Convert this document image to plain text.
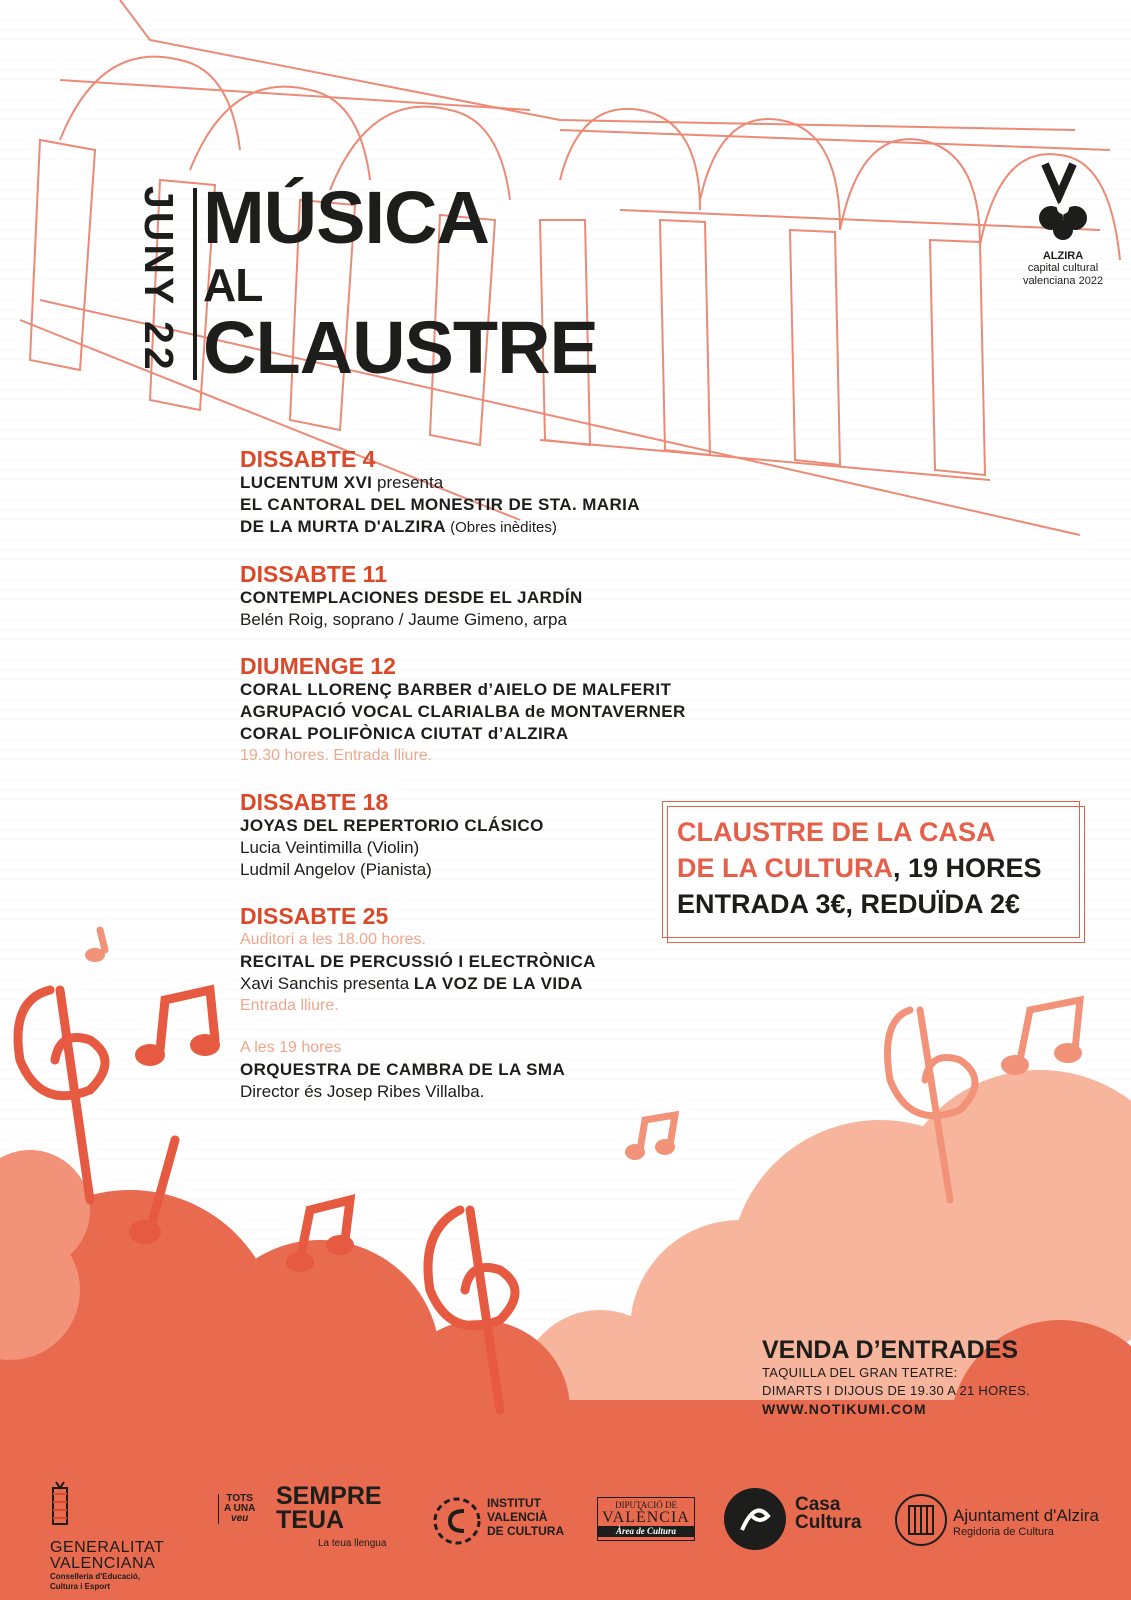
JUNY 22 MÚSICA
AL
CLAUSTRE
ALZIRA
capital cultural
valenciana 2022
DISSABTE 4
LUCENTUM XVI presenta
EL CANTORAL DEL MONESTIR DE STA. MARIA
DE LA MURTA D'ALZIRA (Obres inèdites)
DISSABTE 11
CONTEMPLACIONES DESDE EL JARDÍN
Belén Roig, soprano / Jaume Gimeno, arpa
DIUMENGE 12
CORAL LLORENÇ BARBER d’AIELO DE MALFERIT
AGRUPACIÓ VOCAL CLARIALBA de MONTAVERNER
CORAL POLIFÒNICA CIUTAT d’ALZIRA
19.30 hores. Entrada lliure.
DISSABTE 18
JOYAS DEL REPERTORIO CLÁSICO
Lucia Veintimilla (Violin)
Ludmil Angelov (Pianista)
DISSABTE 25
Auditori a les 18.00 hores.
RECITAL DE PERCUSSIÓ I ELECTRÒNICA
Xavi Sanchis presenta LA VOZ DE LA VIDA
Entrada lliure.
A les 19 hores
ORQUESTRA DE CAMBRA DE LA SMA
Director és Josep Ribes Villalba.
CLAUSTRE DE LA CASA
DE LA CULTURA, 19 HORES
ENTRADA 3€, REDUÏDA 2€
VENDA D’ENTRADES
TAQUILLA DEL GRAN TEATRE:
DIMARTS I DIJOUS DE 19.30 A 21 HORES.
WWW.NOTIKUMI.COM
GENERALITAT
VALENCIANA
Conselleria d'Educació,
Cultura i Esport
TOTS
A UNA
veu
SEMPRE
TEUA
La teua llengua
INSTITUT
VALENCIÀ
DE CULTURA
DIPUTACIÓ DE
VALÈNCIA
Àrea de Cultura
Casa
Cultura	Ajuntament d'Alzira
Regidoria de Cultura
